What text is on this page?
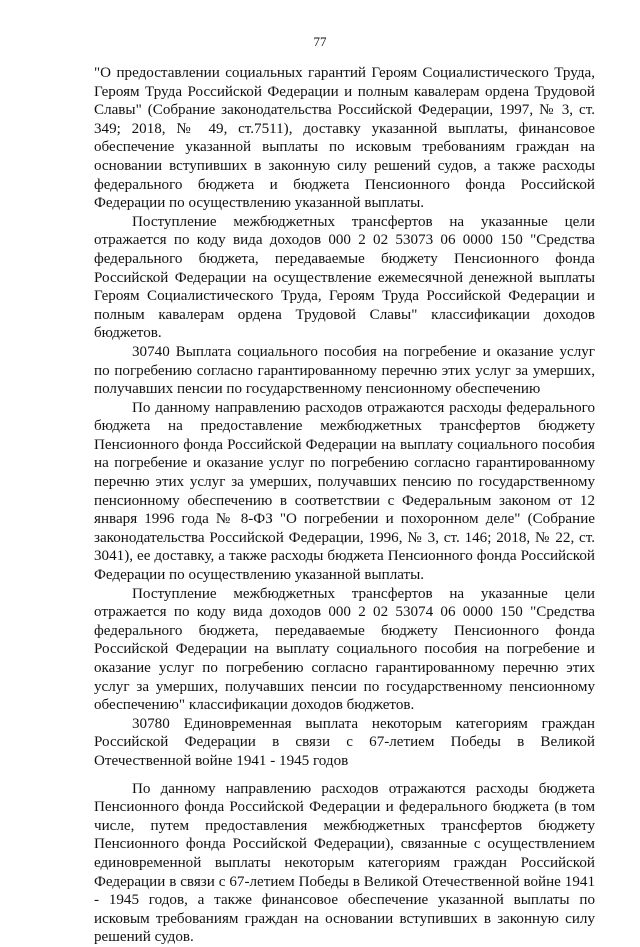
77

"О предоставлении социальных гарантий Героям Социалистического Труда, Героям Труда Российской Федерации и полным кавалерам ордена Трудовой Славы" (Собрание законодательства Российской Федерации, 1997, № 3, ст. 349; 2018, № 49, ст.7511), доставку указанной выплаты, финансовое обеспечение указанной выплаты по исковым требованиям граждан на основании вступивших в законную силу решений судов, а также расходы федерального бюджета и бюджета Пенсионного фонда Российской Федерации по осуществлению указанной выплаты.

Поступление межбюджетных трансфертов на указанные цели отражается по коду вида доходов 000 2 02 53073 06 0000 150 "Средства федерального бюджета, передаваемые бюджету Пенсионного фонда Российской Федерации на осуществление ежемесячной денежной выплаты Героям Социалистического Труда, Героям Труда Российской Федерации и полным кавалерам ордена Трудовой Славы" классификации доходов бюджетов.

30740 Выплата социального пособия на погребение и оказание услуг по погребению согласно гарантированному перечню этих услуг за умерших, получавших пенсии по государственному пенсионному обеспечению

По данному направлению расходов отражаются расходы федерального бюджета на предоставление межбюджетных трансфертов бюджету Пенсионного фонда Российской Федерации на выплату социального пособия на погребение и оказание услуг по погребению согласно гарантированному перечню этих услуг за умерших, получавших пенсию по государственному пенсионному обеспечению в соответствии с Федеральным законом от 12 января 1996 года № 8-ФЗ "О погребении и похоронном деле" (Собрание законодательства Российской Федерации, 1996, № 3, ст. 146; 2018, № 22, ст. 3041), ее доставку, а также расходы бюджета Пенсионного фонда Российской Федерации по осуществлению указанной выплаты.

Поступление межбюджетных трансфертов на указанные цели отражается по коду вида доходов 000 2 02 53074 06 0000 150 "Средства федерального бюджета, передаваемые бюджету Пенсионного фонда Российской Федерации на выплату социального пособия на погребение и оказание услуг по погребению согласно гарантированному перечню этих услуг за умерших, получавших пенсии по государственному пенсионному обеспечению" классификации доходов бюджетов.

30780 Единовременная выплата некоторым категориям граждан Российской Федерации в связи с 67-летием Победы в Великой Отечественной войне 1941 - 1945 годов

По данному направлению расходов отражаются расходы бюджета Пенсионного фонда Российской Федерации и федерального бюджета (в том числе, путем предоставления межбюджетных трансфертов бюджету Пенсионного фонда Российской Федерации), связанные с осуществлением единовременной выплаты некоторым категориям граждан Российской Федерации в связи с 67-летием Победы в Великой Отечественной войне 1941 - 1945 годов, а также финансовое обеспечение указанной выплаты по исковым требованиям граждан на основании вступивших в законную силу решений судов.
